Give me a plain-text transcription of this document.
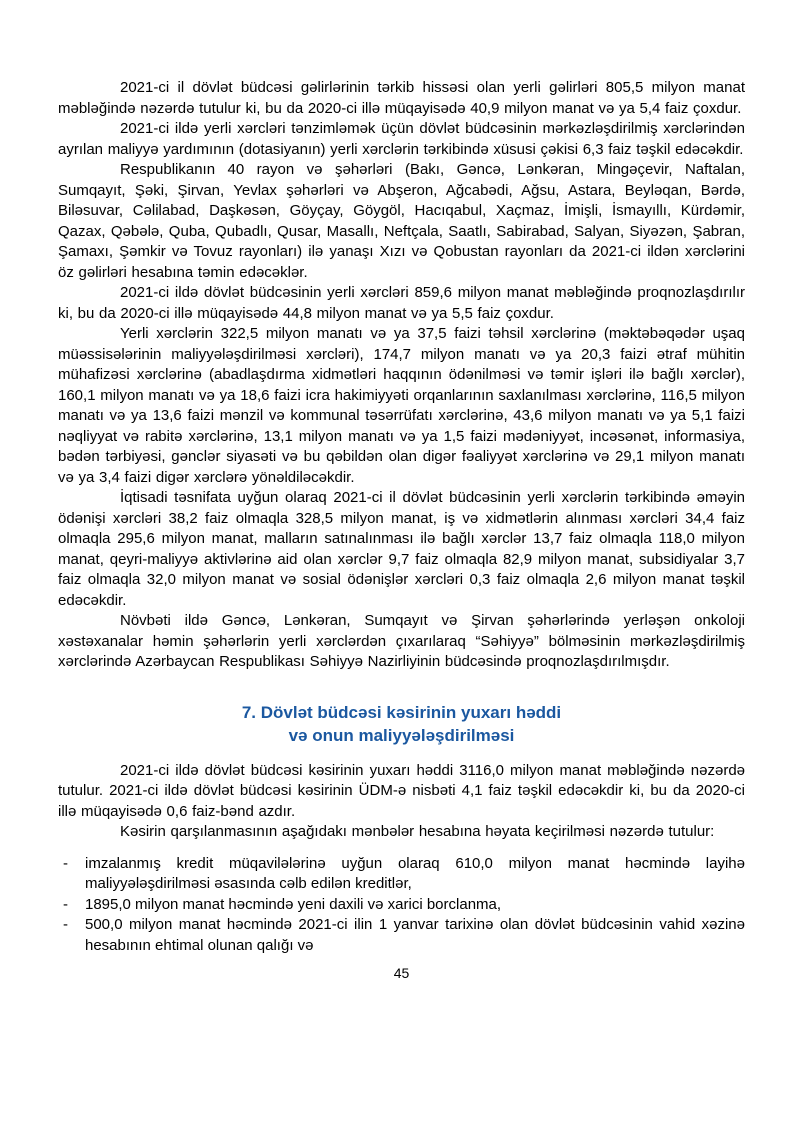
2021-ci il dövlət büdcəsi gəlirlərinin tərkib hissəsi olan yerli gəlirləri 805,5 milyon manat məbləğində nəzərdə tutulur ki, bu da 2020-ci illə müqayisədə 40,9 milyon manat və ya 5,4 faiz çoxdur.

2021-ci ildə yerli xərcləri tənzimləmək üçün dövlət büdcəsinin mərkəzləşdirilmiş xərclərindən ayrılan maliyyə yardımının (dotasiyanın) yerli xərclərin tərkibində xüsusi çəkisi 6,3 faiz təşkil edəcəkdir.

Respublikanın 40 rayon və şəhərləri (Bakı, Gəncə, Lənkəran, Mingəçevir, Naftalan, Sumqayıt, Şəki, Şirvan, Yevlax şəhərləri və Abşeron, Ağcabədi, Ağsu, Astara, Beyləqan, Bərdə, Biləsuvar, Cəlilabad, Daşkəsən, Göyçay, Göygöl, Hacıqabul, Xaçmaz, İmişli, İsmayıllı, Kürdəmir, Qazax, Qəbələ, Quba, Qubadlı, Qusar, Masallı, Neftçala, Saatlı, Sabirabad, Salyan, Siyəzən, Şabran, Şamaxı, Şəmkir və Tovuz rayonları) ilə yanaşı Xızı və Qobustan rayonları da 2021-ci ildən xərclərini öz gəlirləri hesabına təmin edəcəklər.

2021-ci ildə dövlət büdcəsinin yerli xərcləri 859,6 milyon manat məbləğində proqnozlaşdırılır ki, bu da 2020-ci illə müqayisədə 44,8 milyon manat və ya 5,5 faiz çoxdur.

Yerli xərclərin 322,5 milyon manatı və ya 37,5 faizi təhsil xərclərinə (məktəbəqədər uşaq müəssisələrinin maliyyələşdirilməsi xərcləri), 174,7 milyon manatı və ya 20,3 faizi ətraf mühitin mühafizəsi xərclərinə (abadlaşdırma xidmətləri haqqının ödənilməsi və təmir işləri ilə bağlı xərclər), 160,1 milyon manatı və ya 18,6 faizi icra hakimiyyəti orqanlarının saxlanılması xərclərinə, 116,5 milyon manatı və ya 13,6 faizi mənzil və kommunal təsərrüfatı xərclərinə, 43,6 milyon manatı və ya 5,1 faizi nəqliyyat və rabitə xərclərinə, 13,1 milyon manatı və ya 1,5 faizi mədəniyyət, incəsənət, informasiya, bədən tərbiyəsi, gənclər siyasəti və bu qəbildən olan digər fəaliyyət xərclərinə və 29,1 milyon manatı və ya 3,4 faizi digər xərclərə yönəldiləcəkdir.

İqtisadi təsnifata uyğun olaraq 2021-ci il dövlət büdcəsinin yerli xərclərin tərkibində əməyin ödənişi xərcləri 38,2 faiz olmaqla 328,5 milyon manat, iş və xidmətlərin alınması xərcləri 34,4 faiz olmaqla 295,6 milyon manat, malların satınalınması ilə bağlı xərclər 13,7 faiz olmaqla 118,0 milyon manat, qeyri-maliyyə aktivlərinə aid olan xərclər 9,7 faiz olmaqla 82,9 milyon manat, subsidiyalar 3,7 faiz olmaqla 32,0 milyon manat və sosial ödənişlər xərcləri 0,3 faiz olmaqla 2,6 milyon manat təşkil edəcəkdir.

Növbəti ildə Gəncə, Lənkəran, Sumqayıt və Şirvan şəhərlərində yerləşən onkoloji xəstəxanalar həmin şəhərlərin yerli xərclərdən çıxarılaraq “Səhiyyə” bölməsinin mərkəzləşdirilmiş xərclərində Azərbaycan Respublikası Səhiyyə Nazirliyinin büdcəsində proqnozlaşdırılmışdır.

7. Dövlət büdcəsi kəsirinin yuxarı həddi
və onun maliyyələşdirilməsi

2021-ci ildə dövlət büdcəsi kəsirinin yuxarı həddi 3116,0 milyon manat məbləğində nəzərdə tutulur. 2021-ci ildə dövlət büdcəsi kəsirinin ÜDM-ə nisbəti 4,1 faiz təşkil edəcəkdir ki, bu da 2020-ci illə müqayisədə 0,6 faiz-bənd azdır.

Kəsirin qarşılanmasının aşağıdakı mənbələr hesabına həyata keçirilməsi nəzərdə tutulur:

-	imzalanmış kredit müqavilələrinə uyğun olaraq 610,0 milyon manat həcmində layihə maliyyələşdirilməsi əsasında cəlb edilən kreditlər,
-	1895,0 milyon manat həcmində yeni daxili və xarici borclanma,
-	500,0 milyon manat həcmində 2021-ci ilin 1 yanvar tarixinə olan dövlət büdcəsinin vahid xəzinə hesabının ehtimal olunan qalığı və
45
